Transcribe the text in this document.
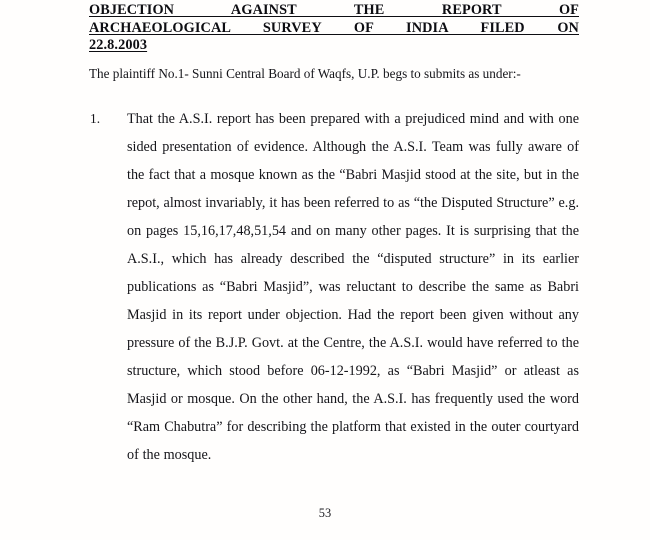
OBJECTION AGAINST THE REPORT OF
ARCHAEOLOGICAL SURVEY OF INDIA FILED ON
22.8.2003

The plaintiff No.1- Sunni Central Board of Waqfs, U.P. begs to submits as under:-

1.	That the A.S.I. report has been prepared with a prejudiced mind and with one sided presentation of evidence. Although the A.S.I. Team was fully aware of the fact that a mosque known as the “Babri Masjid stood at the site, but in the repot, almost invariably, it has been referred to as “the Disputed Structure” e.g. on pages 15,16,17,48,51,54 and on many other pages. It is surprising that the A.S.I., which has already described the “disputed structure” in its earlier publications as “Babri Masjid”, was reluctant to describe the same as Babri Masjid in its report under objection. Had the report been given without any pressure of the B.J.P. Govt. at the Centre, the A.S.I. would have referred to the structure, which stood before 06-12-1992, as “Babri Masjid” or atleast as Masjid or mosque. On the other hand, the A.S.I. has frequently used the word “Ram Chabutra” for describing the platform that existed in the outer courtyard of the mosque.
53
